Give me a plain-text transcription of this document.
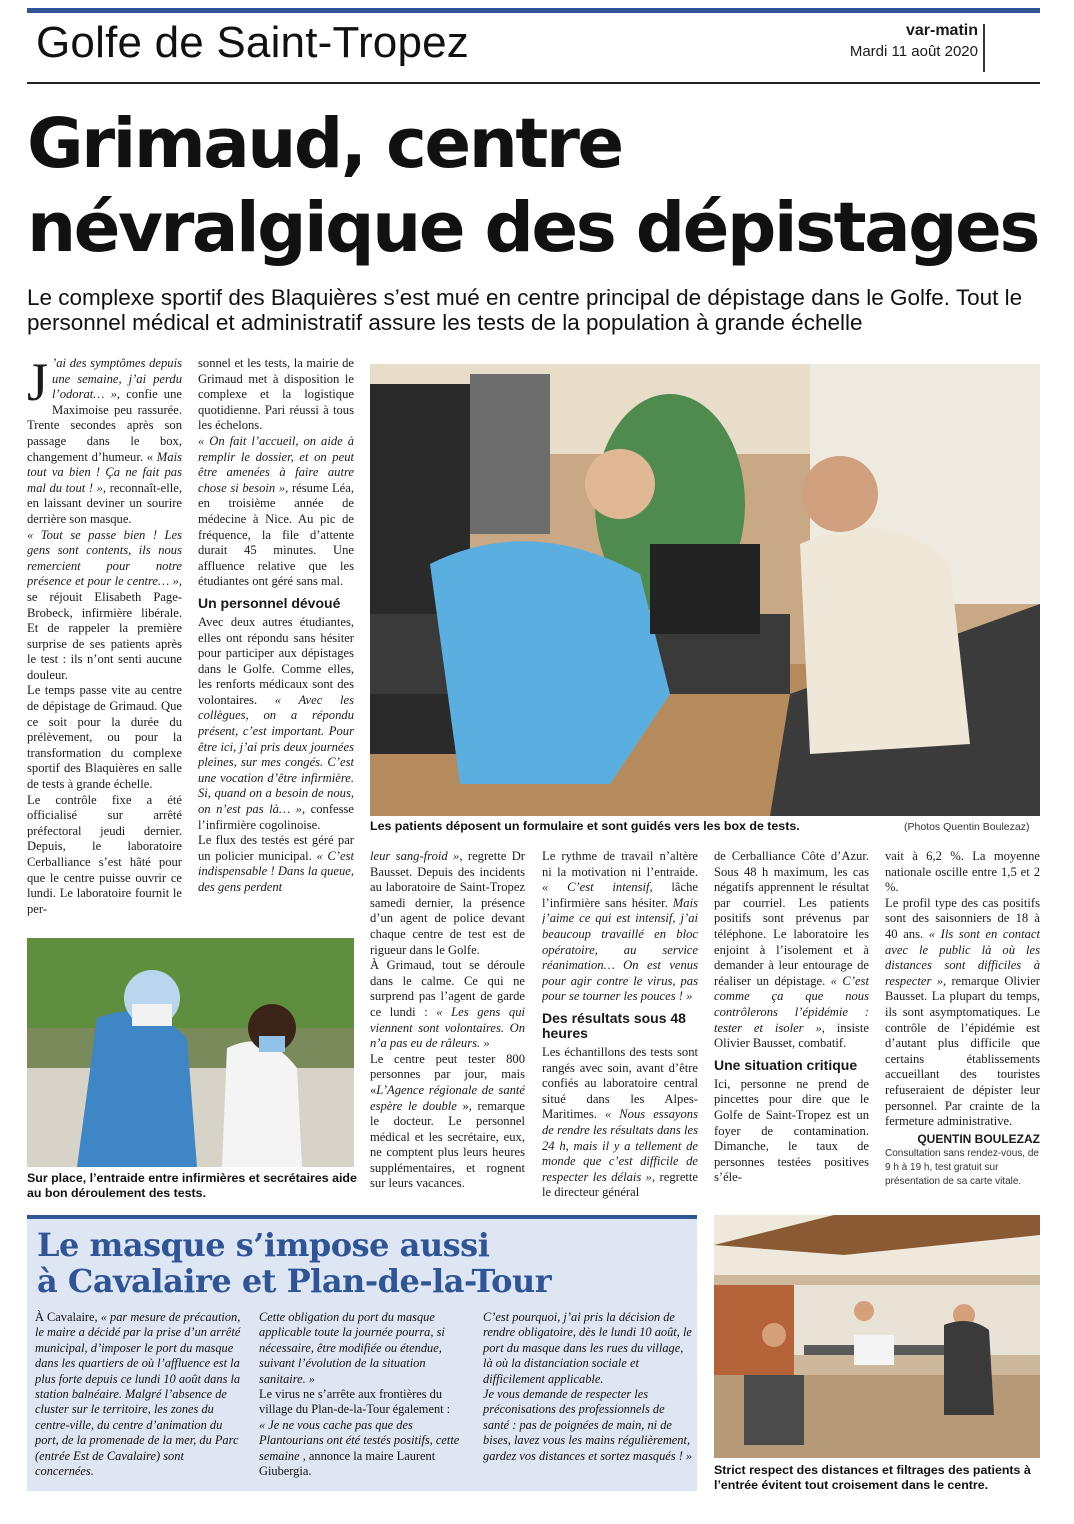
Golfe de Saint-Tropez	var-matin
Mardi 11 août 2020
Grimaud, centre
névralgique des dépistages
Le complexe sportif des Blaquières s’est mué en centre principal de dépistage dans le Golfe. Tout le personnel médical et administratif assure les tests de la population à grande échelle

J ’ai des symptômes depuis une semaine, j’ai perdu l’odorat… », confie une Maximoise peu rassurée. Trente secondes après son passage dans le box, changement d’humeur. « Mais tout va bien ! Ça ne fait pas mal du tout ! », reconnaît-elle, en laissant deviner un sourire derrière son masque.

« Tout se passe bien ! Les gens sont contents, ils nous remercient pour notre présence et pour le centre… », se réjouit Elisabeth Page-Brobeck, infirmière libérale. Et de rappeler la première surprise de ses patients après le test : ils n’ont senti aucune douleur.

Le temps passe vite au centre de dépistage de Grimaud. Que ce soit pour la durée du prélèvement, ou pour la transformation du complexe sportif des Blaquières en salle de tests à grande échelle.

Le contrôle fixe a été officialisé sur arrêté préfectoral jeudi dernier. Depuis, le laboratoire Cerballiance s’est hâté pour que le centre puisse ouvrir ce lundi. Le laboratoire fournit le per-

sonnel et les tests, la mairie de Grimaud met à disposition le complexe et la logistique quotidienne. Pari réussi à tous les échelons.

« On fait l’accueil, on aide à remplir le dossier, et on peut être amenées à faire autre chose si besoin », résume Léa, en troisième année de médecine à Nice. Au pic de fréquence, la file d’attente durait 45 minutes. Une affluence relative que les étudiantes ont géré sans mal.

Un personnel dévoué

Avec deux autres étudiantes, elles ont répondu sans hésiter pour participer aux dépistages dans le Golfe. Comme elles, les renforts médicaux sont des volontaires. « Avec les collègues, on a répondu présent, c’est important. Pour être ici, j’ai pris deux journées pleines, sur mes congés. C’est une vocation d’être infirmière. Si, quand on a besoin de nous, on n’est pas là… », confesse l’infirmière cogolinoise.

Le flux des testés est géré par un policier municipal. « C’est indispensable ! Dans la queue, des gens perdent

Les patients déposent un formulaire et sont guidés vers les box de tests.	(Photos Quentin Boulezaz)

leur sang-froid », regrette Dr Bausset. Depuis des incidents au laboratoire de Saint-Tropez samedi dernier, la présence d’un agent de police devant chaque centre de test est de rigueur dans le Golfe.

À Grimaud, tout se déroule dans le calme. Ce qui ne surprend pas l’agent de garde ce lundi : « Les gens qui viennent sont volontaires. On n’a pas eu de râleurs. »

Le centre peut tester 800 personnes par jour, mais «L’Agence régionale de santé espère le double », remarque le docteur. Le personnel médical et les secrétaire, eux, ne comptent plus leurs heures supplémentaires, et rognent sur leurs vacances.

Le rythme de travail n’altère ni la motivation ni l’entraide. « C’est intensif, lâche l’infirmière sans hésiter. Mais j’aime ce qui est intensif, j’ai beaucoup travaillé en bloc opératoire, au service réanimation… On est venus pour agir contre le virus, pas pour se tourner les pouces ! »

Des résultats sous 48 heures

Les échantillons des tests sont rangés avec soin, avant d’être confiés au laboratoire central situé dans les Alpes-Maritimes. « Nous essayons de rendre les résultats dans les 24 h, mais il y a tellement de monde que c’est difficile de respecter les délais », regrette le directeur général

de Cerballiance Côte d’Azur. Sous 48 h maximum, les cas négatifs apprennent le résultat par courriel. Les patients positifs sont prévenus par téléphone. Le laboratoire les enjoint à l’isolement et à demander à leur entourage de réaliser un dépistage. « C’est comme ça que nous contrôlerons l’épidémie : tester et isoler », insiste Olivier Bausset, combatif.

Une situation critique

Ici, personne ne prend de pincettes pour dire que le Golfe de Saint-Tropez est un foyer de contamination. Dimanche, le taux de personnes testées positives s’éle-

vait à 6,2 %. La moyenne nationale oscille entre 1,5 et 2 %.

Le profil type des cas positifs sont des saisonniers de 18 à 40 ans. « Ils sont en contact avec le public là où les distances sont difficiles à respecter », remarque Olivier Bausset. La plupart du temps, ils sont asymptomatiques. Le contrôle de l’épidémie est d’autant plus difficile que certains établissements accueillant des touristes refuseraient de dépister leur personnel. Par crainte de la fermeture administrative.

QUENTIN BOULEZAZ
Consultation sans rendez-vous, de 9 h à 19 h, test gratuit sur présentation de sa carte vitale.
Sur place, l’entraide entre infirmières et secrétaires aide au bon déroulement des tests.
Le masque s’impose aussi
à Cavalaire et Plan-de-la-Tour

À Cavalaire, « par mesure de précaution, le maire a décidé par la prise d’un arrêté municipal, d’imposer le port du masque dans les quartiers de où l’affluence est la plus forte depuis ce lundi 10 août dans la station balnéaire. Malgré l’absence de cluster sur le territoire, les zones du centre-ville, du centre d’animation du port, de la promenade de la mer, du Parc (entrée Est de Cavalaire) sont concernées.

Cette obligation du port du masque applicable toute la journée pourra, si nécessaire, être modifiée ou étendue, suivant l’évolution de la situation sanitaire. »

Le virus ne s’arrête aux frontières du village du Plan-de-la-Tour également :

« Je ne vous cache pas que des Plantourians ont été testés positifs, cette semaine , annonce la maire Laurent Giubergia.

C’est pourquoi, j’ai pris la décision de rendre obligatoire, dès le lundi 10 août, le port du masque dans les rues du village, là où la distanciation sociale et difficilement applicable.

Je vous demande de respecter les préconisations des professionnels de santé : pas de poignées de main, ni de bises, lavez vous les mains régulièrement, gardez vos distances et sortez masqués ! »

Strict respect des distances et filtrages des patients à l’entrée évitent tout croisement dans le centre.
